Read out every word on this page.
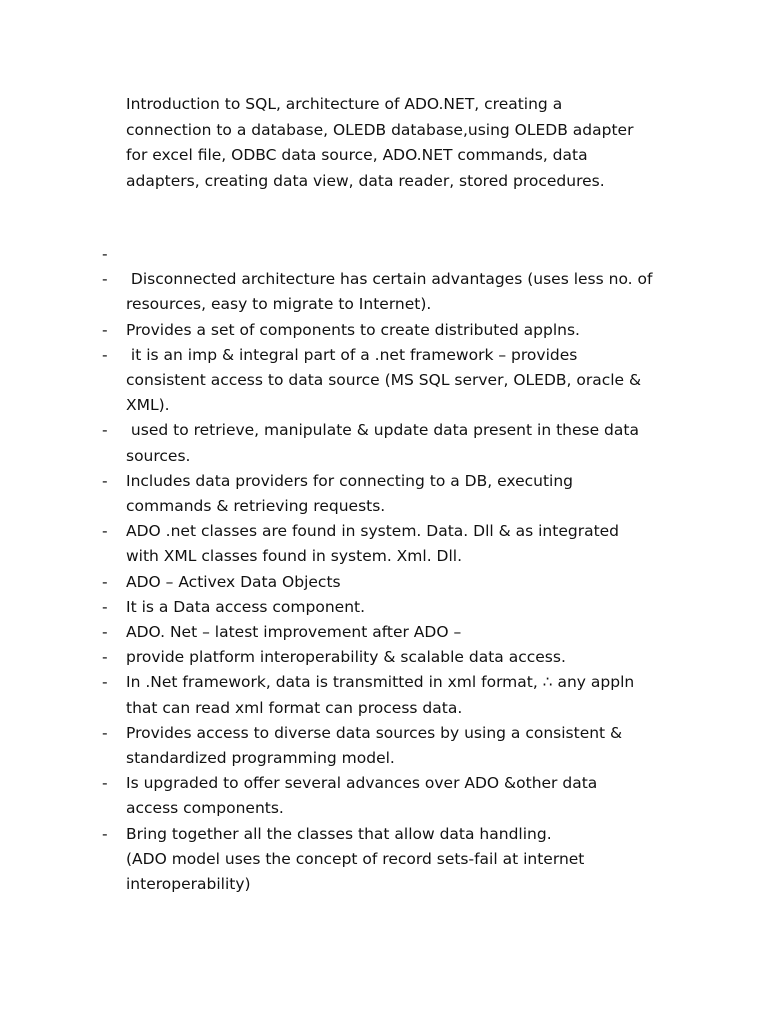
Introduction to SQL, architecture of ADO.NET, creating a
connection to a database, OLEDB database,using OLEDB adapter
for excel file, ODBC data source, ADO.NET commands, data
adapters, creating data view, data reader, stored procedures.

-
- Disconnected architecture has certain advantages (uses less no. of
resources, easy to migrate to Internet).
- Provides a set of components to create distributed applns.
- it is an imp & integral part of a .net framework – provides
consistent access to data source (MS SQL server, OLEDB, oracle &
XML).
- used to retrieve, manipulate & update data present in these data
sources.
- Includes data providers for connecting to a DB, executing
commands & retrieving requests.
- ADO .net classes are found in system. Data. Dll & as integrated
with XML classes found in system. Xml. Dll.
- ADO – Activex Data Objects
- It is a Data access component.
- ADO. Net – latest improvement after ADO –
- provide platform interoperability & scalable data access.
- In .Net framework, data is transmitted in xml format, ∴ any appln
that can read xml format can process data.
- Provides access to diverse data sources by using a consistent &
standardized programming model.
- Is upgraded to offer several advances over ADO &other data
access components.
- Bring together all the classes that allow data handling.
(ADO model uses the concept of record sets-fail at internet
interoperability)
